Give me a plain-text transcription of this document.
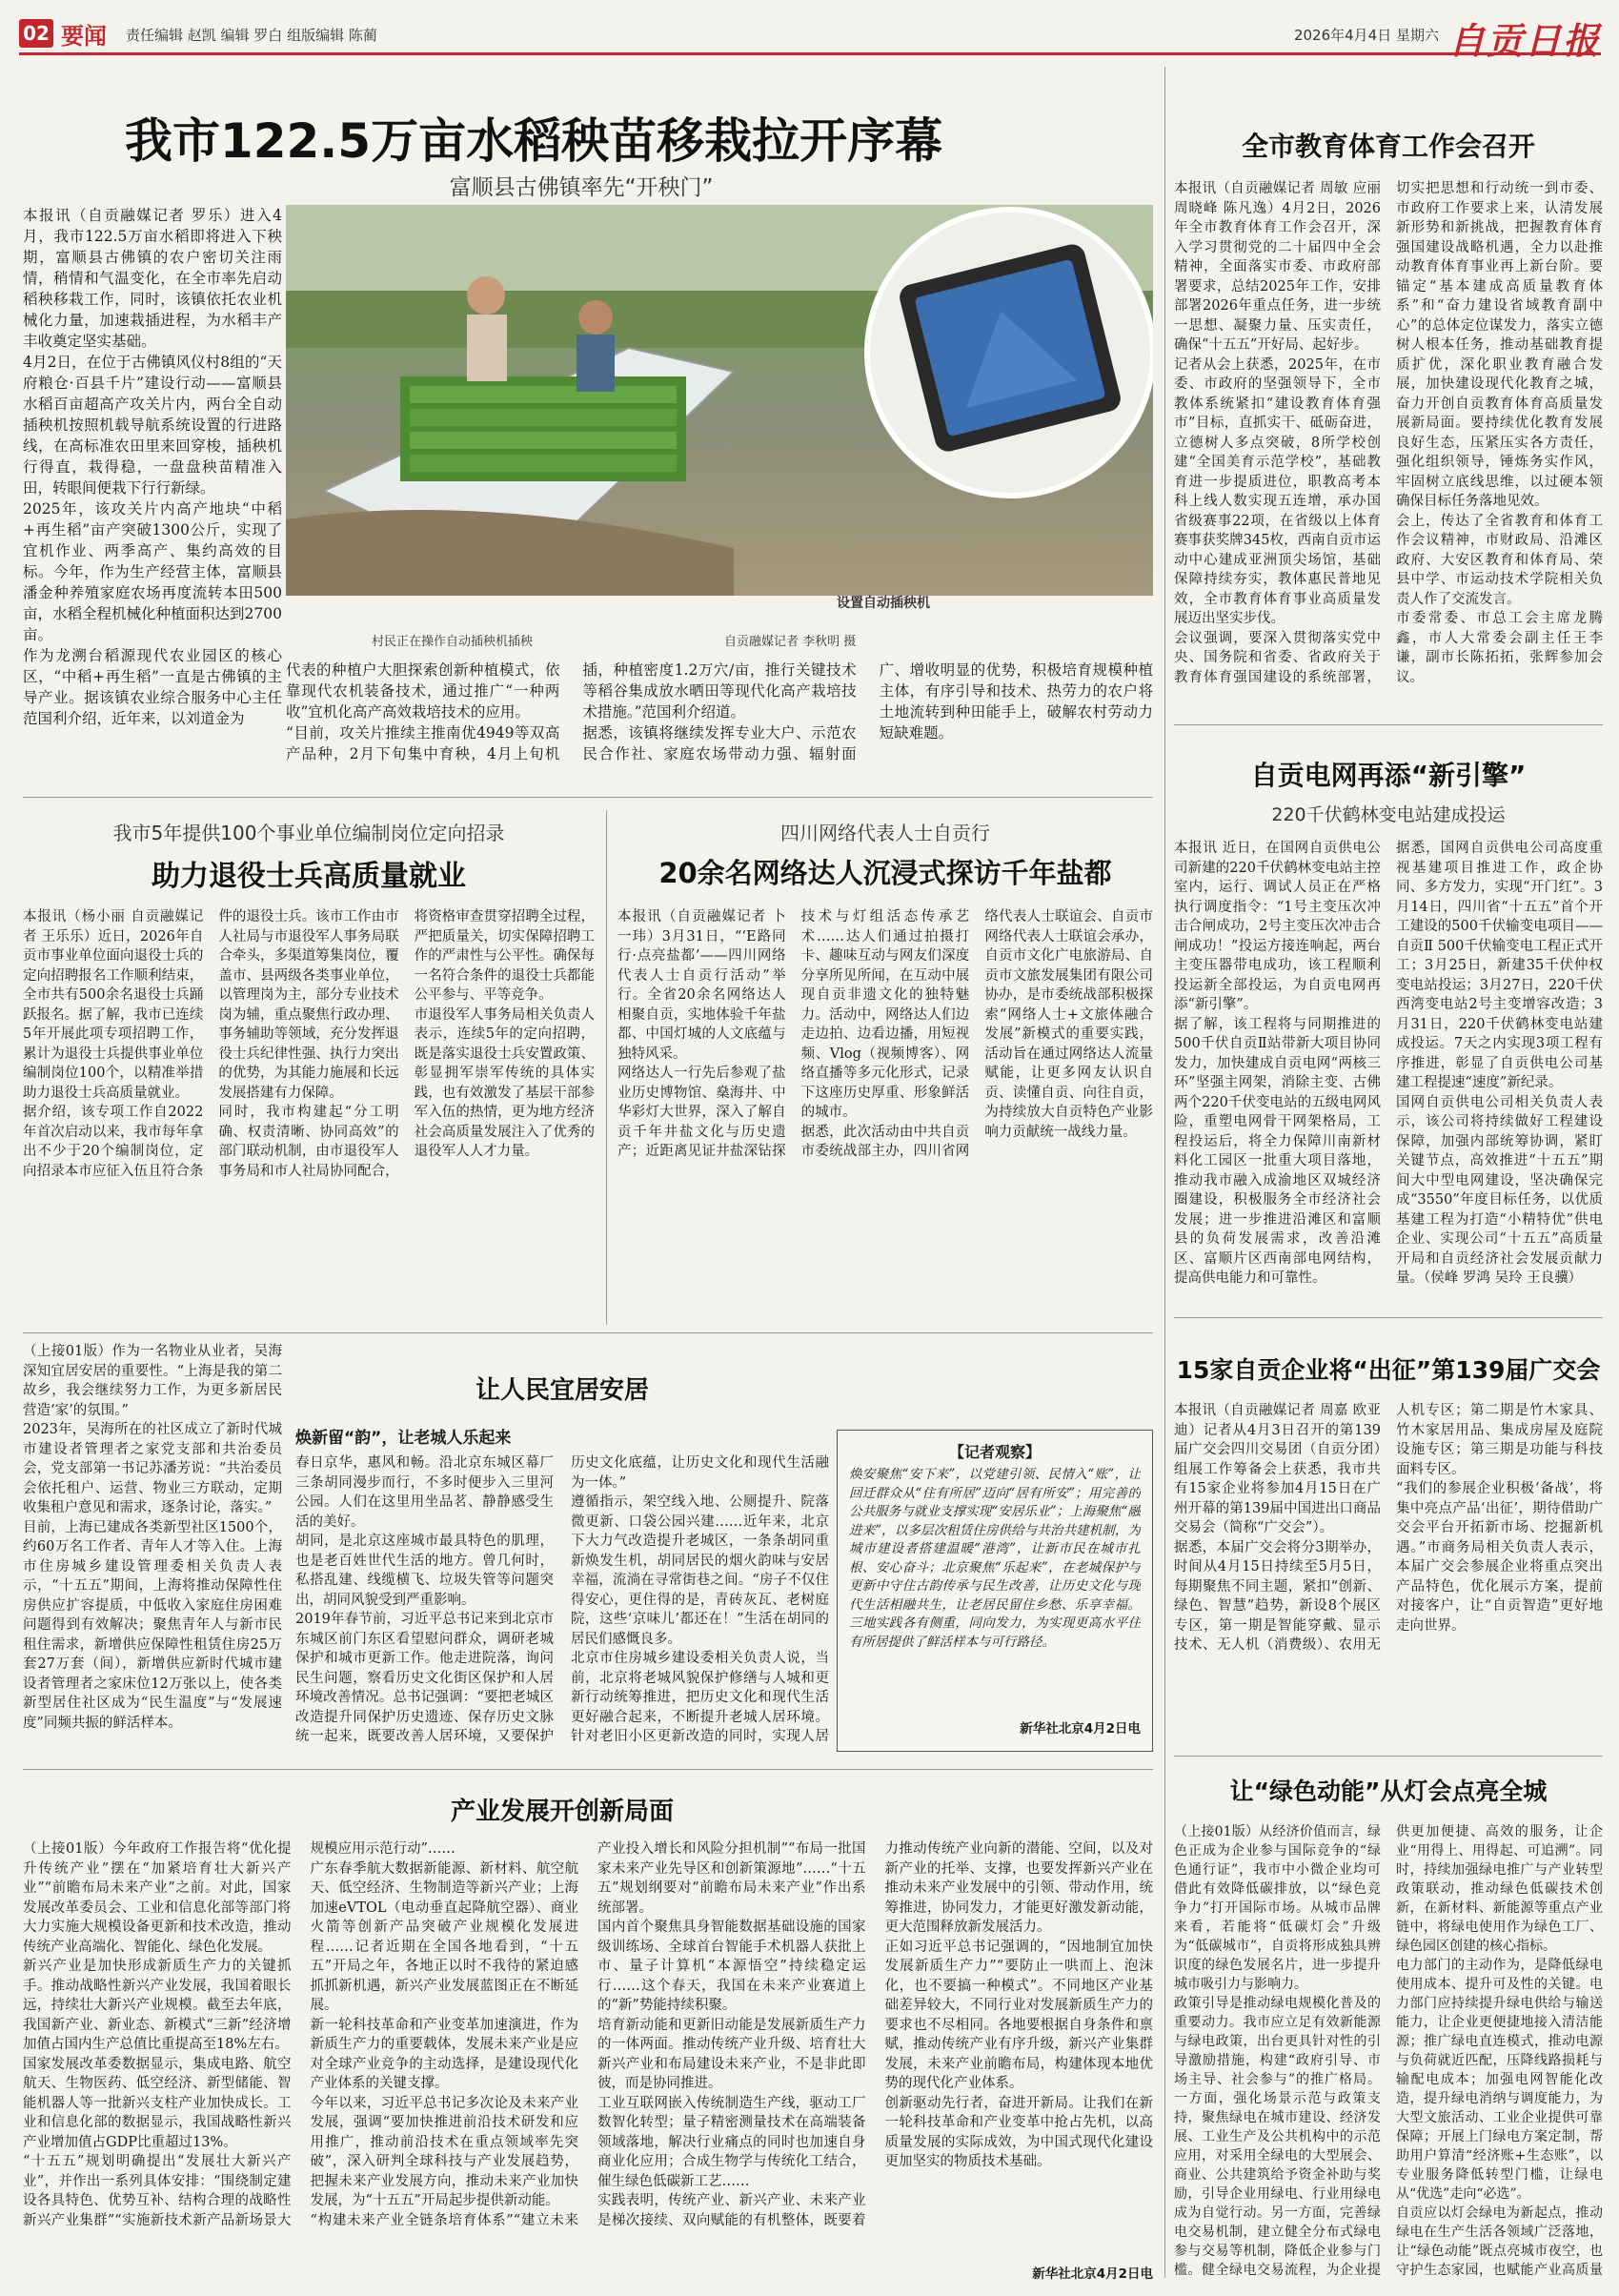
02 要闻 责任编辑 赵凯 编辑 罗白 组版编辑 陈蔺	2026年4月4日 星期六 自贡日报
我市122.5万亩水稻秧苗移栽拉开序幕
富顺县古佛镇率先“开秧门”
本报讯（自贡融媒记者 罗乐）进入4月，我市122.5万亩水稻即将进入下秧期，富顺县古佛镇的农户密切关注雨情，稍情和气温变化，在全市率先启动稻秧移栽工作，同时，该镇依托农业机械化力量，加速栽插进程，为水稻丰产丰收奠定坚实基础。
4月2日，在位于古佛镇风仪村8组的“天府粮仓·百县千片”建设行动——富顺县水稻百亩超高产攻关片内，两台全自动插秧机按照机载导航系统设置的行进路线，在高标准农田里来回穿梭，插秧机行得直，栽得稳，一盘盘秧苗精准入田，转眼间便栽下行行新绿。
2025年，该攻关片内高产地块“中稻+再生稻”亩产突破1300公斤，实现了宜机作业、两季高产、集约高效的目标。今年，作为生产经营主体，富顺县潘金种养殖家庭农场再度流转本田500亩，水稻全程机械化种植面积达到2700亩。
作为龙溯台稻源现代农业园区的核心区，“中稻+再生稻”一直是古佛镇的主导产业。据该镇农业综合服务中心主任范国利介绍，近年来，以刘道金为
设置自动插秧机
村民正在操作自动插秧机插秧	自贡融媒记者 李秋明 摄
代表的种植户大胆探索创新种植模式，依靠现代农机装备技术，通过推广“一种两收”宜机化高产高效栽培技术的应用。
“目前，攻关片推续主推南优4949等双高产品种，2月下旬集中育秧，4月上旬机插，种植密度1.2万穴/亩，推行关键技术等稻谷集成放水晒田等现代化高产栽培技术措施。”范国利介绍道。
据悉，该镇将继续发挥专业大户、示范农民合作社、家庭农场带动力强、辐射面广、增收明显的优势，积极培育规模种植主体，有序引导和技术、热劳力的农户将土地流转到种田能手上，破解农村劳动力短缺难题。
全市教育体育工作会召开
本报讯（自贡融媒记者 周敏 应丽 周晓峰 陈凡逸）4月2日，2026年全市教育体育工作会召开，深入学习贯彻党的二十届四中全会精神，全面落实市委、市政府部署要求，总结2025年工作，安排部署2026年重点任务，进一步统一思想、凝聚力量、压实责任，确保“十五五”开好局、起好步。
记者从会上获悉，2025年，在市委、市政府的坚强领导下，全市教体系统紧扣“建设教育体育强市”目标，直抓实干、砥砺奋进，立德树人多点突破，8所学校创建“全国美育示范学校”，基础教育进一步提质进位，职教高考本科上线人数实现五连增，承办国省级赛事22项，在省级以上体育赛事获奖牌345枚，西南自贡市运动中心建成亚洲顶尖场馆，基础保障持续夯实，教体惠民普地见效，全市教育体育事业高质量发展迈出坚实步伐。
会议强调，要深入贯彻落实党中央、国务院和省委、省政府关于教育体育强国建设的系统部署，切实把思想和行动统一到市委、市政府工作要求上来，认清发展新形势和新挑战，把握教育体育强国建设战略机遇，全力以赴推动教育体育事业再上新台阶。要锚定“基本建成高质量教育体系”和“奋力建设省域教育副中心”的总体定位谋发力，落实立德树人根本任务，推动基础教育提质扩优，深化职业教育融合发展，加快建设现代化教育之城，奋力开创自贡教育体育高质量发展新局面。要持续优化教育发展良好生态，压紧压实各方责任，强化组织领导，锤炼务实作风，牢固树立底线思维，以过硬本领确保目标任务落地见效。
会上，传达了全省教育和体育工作会议精神，市财政局、沿滩区政府、大安区教育和体育局、荣县中学、市运动技术学院相关负责人作了交流发言。
市委常委、市总工会主席龙腾鑫，市人大常委会副主任王李谦，副市长陈拓拓，张辉参加会议。
自贡电网再添“新引擎”
220千伏鹤林变电站建成投运
本报讯 近日，在国网自贡供电公司新建的220千伏鹤林变电站主控室内，运行、调试人员正在严格执行调度指令：“1号主变压次冲击合闸成功，2号主变压次冲击合闸成功！”投运方接连响起，两台主变压器带电成功，该工程顺利投运新全部投运，为自贡电网再添“新引擎”。
据了解，该工程将与同期推进的500千伏自贡Ⅱ站带新大项目协同发力，加快建成自贡电网“两核三环”坚强主网架，消除主变、古佛两个220千伏变电站的五级电网风险，重塑电网骨干网架格局，工程投运后，将全力保障川南新材料化工园区一批重大项目落地，推动我市融入成渝地区双城经济圈建设，积极服务全市经济社会发展；进一步推进沿滩区和富顺县的负荷发展需求，改善沿滩区、富顺片区西南部电网结构，提高供电能力和可靠性。
据悉，国网自贡供电公司高度重视基建项目推进工作，政企协同、多方发力，实现“开门红”。3月14日，四川省“十五五”首个开工建设的500千伏输变电项目——自贡Ⅱ 500千伏输变电工程正式开工；3月25日，新建35千伏仲权变电站投运；3月27日，220千伏西湾变电站2号主变增容改造；3月31日，220千伏鹤林变电站建成投运。7天之内实现3项工程有序推进，彰显了自贡供电公司基建工程提速“速度”新纪录。
国网自贡供电公司相关负责人表示，该公司将持续做好工程建设保障，加强内部统筹协调，紧盯关键节点，高效推进“十五五”期间大中型电网建设，坚决确保完成“3550”年度目标任务，以优质基建工程为打造“小精特优”供电企业、实现公司“十五五”高质量开局和自贡经济社会发展贡献力量。（侯峰 罗鸿 吴玲 王良骥）
15家自贡企业将“出征”第139届广交会
本报讯（自贡融媒记者 周嘉 欧亚迪）记者从4月3日召开的第139届广交会四川交易团（自贡分团）组展工作筹备会上获悉，我市共有15家企业将参加4月15日在广州开幕的第139届中国进出口商品交易会（简称“广交会”）。
据悉，本届广交会将分3期举办，时间从4月15日持续至5月5日，每期聚焦不同主题，紧扣“创新、绿色、智慧”趋势，新设8个展区专区，第一期是智能穿戴、显示技术、无人机（消费级）、农用无人机专区；第二期是竹木家具、竹木家居用品、集成房屋及庭院设施专区；第三期是功能与科技面料专区。
“我们的参展企业积极‘备战’，将集中亮点产品‘出征’，期待借助广交会平台开拓新市场、挖掘新机遇。”市商务局相关负责人表示，本届广交会参展企业将重点突出产品特色，优化展示方案，提前对接客户，让“自贡智造”更好地走向世界。
让“绿色动能”从灯会点亮全城
（上接01版）从经济价值而言，绿色正成为企业参与国际竞争的“绿色通行证”，我市中小微企业均可借此有效降低碳排放，以“绿色竞争力”打开国际市场。从城市品牌来看，若能将“低碳灯会”升级为“低碳城市”，自贡将形成独具辨识度的绿色发展名片，进一步提升城市吸引力与影响力。
政策引导是推动绿电规模化普及的重要动力。我市应立足有效新能源与绿电政策，出台更具针对性的引导激励措施，构建“政府引导、市场主导、社会参与”的推广格局。一方面，强化场景示范与政策支持，聚焦绿电在城市建设、经济发展、工业生产及公共机构中的示范应用，对采用全绿电的大型展会、商业、公共建筑给予资金补助与奖励，引导企业用绿电、行业用绿电成为自觉行动。另一方面，完善绿电交易机制，建立健全分布式绿电参与交易等机制，降低企业参与门槛。健全绿电交易流程，为企业提供更加便捷、高效的服务，让企业“用得上、用得起、可追溯”。同时，持续加强绿电推广与产业转型政策联动，推动绿色低碳技术创新，在新材料、新能源等重点产业链中，将绿电使用作为绿色工厂、绿色园区创建的核心指标。
电力部门的主动作为，是降低绿电使用成本、提升可及性的关键。电力部门应持续提升绿电供给与输送能力，让企业更便捷地接入清洁能源；推广绿电直连模式，推动电源与负荷就近匹配，压降线路损耗与输配电成本；加强电网智能化改造，提升绿电消纳与调度能力，为大型文旅活动、工业企业提供可靠保障；开展上门绿电方案定制，帮助用户算清“经济账+生态账”，以专业服务降低转型门槛，让绿电从“优选”走向“必选”。
自贡应以灯会绿电为新起点，推动绿电在生产生活各领域广泛落地，让“绿色动能”既点亮城市夜空，也守护生态家园，也赋能产业高质量
我市5年提供100个事业单位编制岗位定向招录
助力退役士兵高质量就业
本报讯（杨小丽 自贡融媒记者 王乐乐）近日，2026年自贡市事业单位面向退役士兵的定向招聘报名工作顺利结束，全市共有500余名退役士兵踊跃报名。据了解，我市已连续5年开展此项专项招聘工作，累计为退役士兵提供事业单位编制岗位100个，以精准举措助力退役士兵高质量就业。
据介绍，该专项工作自2022年首次启动以来，我市每年拿出不少于20个编制岗位，定向招录本市应征入伍且符合条件的退役士兵。该市工作由市人社局与市退役军人事务局联合牵头，多渠道筹集岗位，覆盖市、县两级各类事业单位，以管理岗为主，部分专业技术岗为辅，重点聚焦行政办理、事务辅助等领域，充分发挥退役士兵纪律性强、执行力突出的优势，为其能力施展和长远发展搭建有力保障。
同时，我市构建起“分工明确、权责清晰、协同高效”的部门联动机制，由市退役军人事务局和市人社局协同配合，将资格审查贯穿招聘全过程，严把质量关，切实保障招聘工作的严肃性与公平性。确保每一名符合条件的退役士兵都能公平参与、平等竞争。
市退役军人事务局相关负责人表示，连续5年的定向招聘，既是落实退役士兵安置政策、彰显拥军崇军传统的具体实践，也有效激发了基层干部参军入伍的热情，更为地方经济社会高质量发展注入了优秀的退役军人人才力量。
四川网络代表人士自贡行
20余名网络达人沉浸式探访千年盐都
本报讯（自贡融媒记者 卜一玮）3月31日，“‘E路同行·点亮盐都’——四川网络代表人士自贡行活动”举行。全省20余名网络达人相聚自贡，实地体验千年盐都、中国灯城的人文底蕴与独特风采。
网络达人一行先后参观了盐业历史博物馆、燊海井、中华彩灯大世界，深入了解自贡千年井盐文化与历史遗产；近距离见证井盐深钻探技术与灯组活态传承艺术……达人们通过拍摄打卡、趣味互动与网友们深度分享所见所闻，在互动中展现自贡非遗文化的独特魅力。活动中，网络达人们边走边拍、边看边播，用短视频、Vlog（视频博客）、网络直播等多元化形式，记录下这座历史厚重、形象鲜活的城市。
据悉，此次活动由中共自贡市委统战部主办，四川省网络代表人士联谊会、自贡市网络代表人士联谊会承办，自贡市文化广电旅游局、自贡市文旅发展集团有限公司协办，是市委统战部积极探索“网络人士+文旅体融合发展”新模式的重要实践，活动旨在通过网络达人流量赋能，让更多网友认识自贡、读懂自贡、向往自贡，为持续放大自贡特色产业影响力贡献统一战线力量。
（上接01版）作为一名物业从业者，吴海深知宜居安居的重要性。“上海是我的第二故乡，我会继续努力工作，为更多新居民营造‘家’的氛围。”
2023年，吴海所在的社区成立了新时代城市建设者管理者之家党支部和共治委员会，党支部第一书记苏潘芳说：“共治委员会依托租户、运营、物业三方联动，定期收集租户意见和需求，逐条讨论，落实。”
目前，上海已建成各类新型社区1500个，约60万名工作者、青年人才等入住。上海市住房城乡建设管理委相关负责人表示，“十五五”期间，上海将推动保障性住房供应扩容提质，中低收入家庭住房困难问题得到有效解决；聚焦青年人与新市民租住需求，新增供应保障性租赁住房25万套27万套（间），新增供应新时代城市建设者管理者之家床位12万张以上，使各类新型居住社区成为“民生温度”与“发展速度”同频共振的鲜活样本。
让人民宜居安居
焕新留“韵”，让老城人乐起来
春日京华，惠风和畅。沿北京东城区幕厂三条胡同漫步而行，不多时便步入三里河公园。人们在这里用坐品茗、静静感受生活的美好。
胡同，是北京这座城市最具特色的肌理，也是老百姓世代生活的地方。曾几何时，私搭乱建、线缆横飞、垃圾失管等问题突出，胡同风貌受到严重影响。
2019年春节前，习近平总书记来到北京市东城区前门东区看望慰问群众，调研老城保护和城市更新工作。他走进院落，询问民生问题，察看历史文化街区保护和人居环境改善情况。总书记强调：“要把老城区改造提升同保护历史遗迹、保存历史文脉统一起来，既要改善人居环境，又要保护历史文化底蕴，让历史文化和现代生活融为一体。”
遵循指示，架空线入地、公厕提升、院落微更新、口袋公园兴建……近年来，北京下大力气改造提升老城区，一条条胡同重新焕发生机，胡同居民的烟火韵味与安居幸福，流淌在寻常街巷之间。“房子不仅住得安心，更住得的是，青砖灰瓦、老树庭院，这些‘京味儿’都还在！”生活在胡同的居民们感慨良多。
北京市住房城乡建设委相关负责人说，当前，北京将老城风貌保护修缮与人城和更新行动统筹推进，把历史文化和现代生活更好融合起来，不断提升老城人居环境。针对老旧小区更新改造的同时，实现人居

【记者观察】
焕安聚焦“安下来”，以党建引领、民情入“账”，让回迁群众从“住有所居”迈向“居有所安”；用完善的公共服务与就业支撑实现“安居乐业”；上海聚焦“融进来”，以多层次租赁住房供给与共治共建机制，为城市建设者搭建温暖“港湾”，让新市民在城市扎根、安心奋斗；北京聚焦“乐起来”，在老城保护与更新中守住古韵传承与民生改善，让历史文化与现代生活相融共生，让老居民留住乡愁、乐享幸福。三地实践各有侧重，同向发力，为实现更高水平住有所居提供了鲜活样本与可行路径。
新华社北京4月2日电
产业发展开创新局面
（上接01版）今年政府工作报告将“优化提升传统产业”摆在“加紧培育壮大新兴产业”“前瞻布局未来产业”之前。对此，国家发展改革委员会、工业和信息化部等部门将大力实施大规模设备更新和技术改造，推动传统产业高端化、智能化、绿色化发展。
新兴产业是加快形成新质生产力的关键抓手。推动战略性新兴产业发展，我国着眼长远，持续壮大新兴产业规模。截至去年底，我国新产业、新业态、新模式“三新”经济增加值占国内生产总值比重提高至18%左右。
国家发展改革委数据显示，集成电路、航空航天、生物医药、低空经济、新型储能、智能机器人等一批新兴支柱产业加快成长。工业和信息化部的数据显示，我国战略性新兴产业增加值占GDP比重超过13%。
“十五五”规划明确提出“发展壮大新兴产业”，并作出一系列具体安排：“围绕制定建设各具特色、优势互补、结构合理的战略性新兴产业集群”“实施新技术新产品新场景大规模应用示范行动”……
广东春季航大数据新能源、新材料、航空航天、低空经济、生物制造等新兴产业；上海加速eVTOL（电动垂直起降航空器）、商业火箭等创新产品突破产业规模化发展进程……记者近期在全国各地看到，“十五五”开局之年，各地正以时不我待的紧迫感抓抓新机遇，新兴产业发展蓝图正在不断延展。
新一轮科技革命和产业变革加速演进，作为新质生产力的重要载体，发展未来产业是应对全球产业竞争的主动选择，是建设现代化产业体系的关键支撑。
今年以来，习近平总书记多次论及未来产业发展，强调“要加快推进前沿技术研发和应用推广，推动前沿技术在重点领域率先突破”，深入研判全球科技与产业发展趋势，把握未来产业发展方向，推动未来产业加快发展，为“十五五”开局起步提供新动能。
“构建未来产业全链条培育体系”“建立未来产业投入增长和风险分担机制”“布局一批国家未来产业先导区和创新策源地”……“十五五”规划纲要对“前瞻布局未来产业”作出系统部署。
国内首个聚焦具身智能数据基础设施的国家级训练场、全球首台智能手术机器人获批上市、量子计算机“本源悟空”持续稳定运行……这个春天，我国在未来产业赛道上的“新”势能持续积聚。
培育新动能和更新旧动能是发展新质生产力的一体两面。推动传统产业升级、培育壮大新兴产业和布局建设未来产业，不是非此即彼，而是协同推进。
工业互联网嵌入传统制造生产线，驱动工厂数智化转型；量子精密测量技术在高端装备领域落地，解决行业痛点的同时也加速自身商业化应用；合成生物学与传统化工结合，催生绿色低碳新工艺……
实践表明，传统产业、新兴产业、未来产业是梯次接续、双向赋能的有机整体，既要着力推动传统产业向新的潜能、空间，以及对新产业的托举、支撑，也要发挥新兴产业在推动未来产业发展中的引领、带动作用，统筹推进，协同发力，才能更好激发新动能，更大范围释放新发展活力。
正如习近平总书记强调的，“因地制宜加快发展新质生产力”“要防止一哄而上、泡沫化，也不要搞一种模式”。不同地区产业基础差异较大，不同行业对发展新质生产力的要求也不尽相同。各地要根据自身条件和禀赋，推动传统产业有序升级，新兴产业集群发展，未来产业前瞻布局，构建体现本地优势的现代化产业体系。
创新驱动先行者，奋进开新局。让我们在新一轮科技革命和产业变革中抢占先机，以高质量发展的实际成效，为中国式现代化建设更加坚实的物质技术基础。
新华社北京4月2日电
